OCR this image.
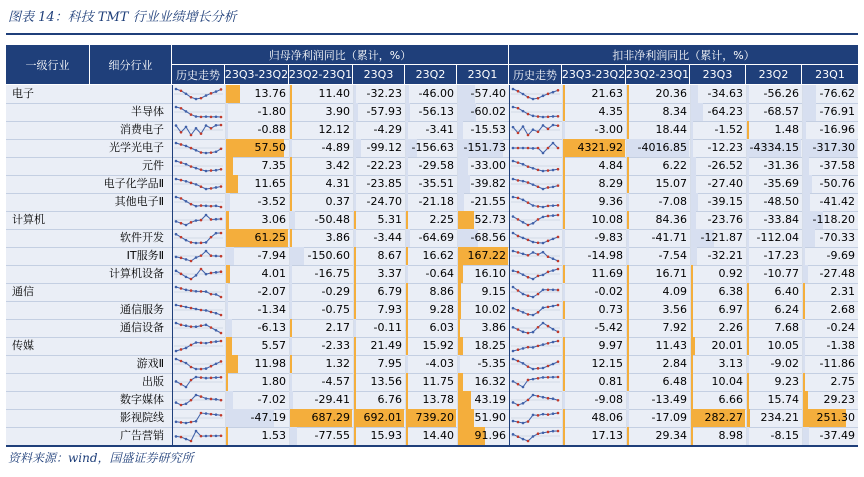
图表 14：科技 TMT 行业业绩增长分析
一级行业	细分行业
归母净利润同比（累计，%）	扣非净利润同比（累计，%）
历史走势 23Q3-23Q2 23Q2-23Q1	23Q3	23Q2	23Q1	历史走势 23Q3-23Q2 23Q2-23Q1	23Q3	23Q2	23Q1
电子	13.76	11.40	-32.23	-46.00	-57.40	21.63	20.36	-34.63	-56.26	-76.62
半导体	-1.80	3.90	-57.93	-56.13	-60.02	4.35	8.34	-64.23	-68.57	-76.91
消费电子	-0.88	12.12	-4.29	-3.41	-15.53	-3.00	18.44	-1.52	1.48	-16.96
光学光电子	57.50	-4.89	-99.12 -156.63 -151.73	4321.92	-4016.85	-12.23 -4334.15	-317.30
元件	7.35	3.42	-22.23	-29.58	-33.00	4.84	6.22	-26.52	-31.36	-37.58
电子化学品Ⅱ	11.65	4.31	-23.85	-35.51	-39.82	8.29	15.07	-27.40	-35.69	-50.76
其他电子Ⅱ	-3.52	0.37	-24.70	-21.18	-21.55	9.36	-7.08	-39.15	-48.50	-41.42
计算机	3.06	-50.48	5.31	2.25	52.73	10.08	84.36	-23.76	-33.84	-118.20
软件开发	61.25	3.86	-3.44	-64.69	-68.56	-9.83	-41.71	-121.87	-112.04	-70.33
IT服务Ⅱ	-7.94	-150.60	8.67	16.62	167.22	-14.98	-7.54	-32.21	-17.23	-9.69
计算机设备	4.01	-16.75	3.37	-0.64	16.10	11.69	16.71	0.92	-10.77	-27.48
通信	-2.07	-0.29	6.79	8.86	9.15	-0.02	4.09	6.38	6.40	2.31
通信服务	-1.34	-0.75	7.93	9.28	10.02	0.73	3.56	6.97	6.24	2.68
通信设备	-6.13	2.17	-0.11	6.03	3.86	-5.42	7.92	2.26	7.68	-0.24
传媒	5.57	-2.33	21.49	15.92	18.25	9.97	11.43	20.01	10.05	-1.38
游戏Ⅱ	11.98	1.32	7.95	-4.03	-5.35	12.15	2.84	3.13	-9.02	-11.86
出版	1.80	-4.57	13.56	11.75	16.32	0.81	6.48	10.04	9.23	2.75
数字媒体	-7.02	-29.41	6.76	13.78	43.19	-9.08	-13.49	6.66	15.74	29.23
影视院线	-47.19	687.29	692.01	739.20	51.90	48.06	-17.09	282.27	234.21	251.30
广告营销	1.53	-77.55	15.93	14.40	91.96	17.13	29.34	8.98	-8.15	-37.49
资料来源：wind，国盛证券研究所
